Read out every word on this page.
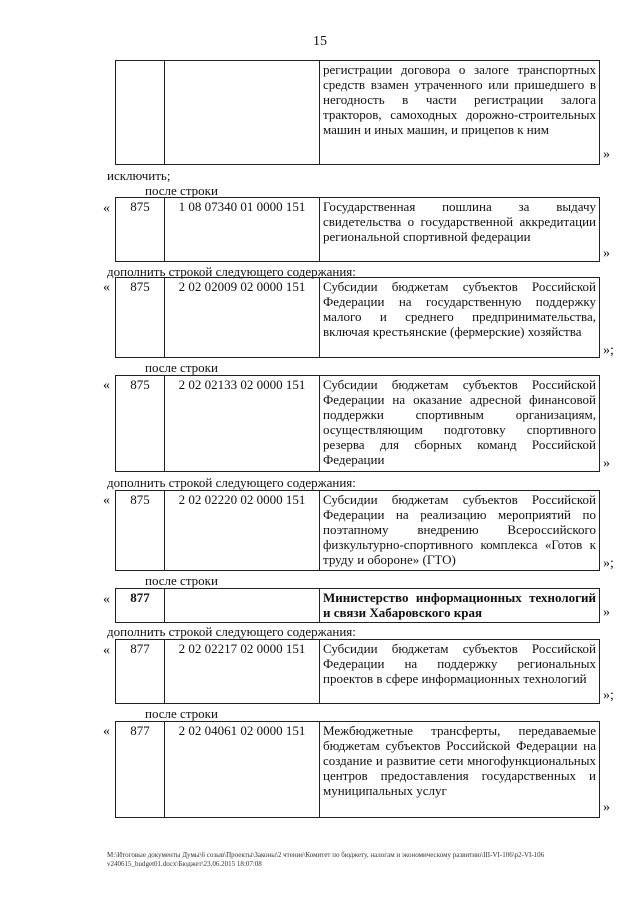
15
		регистрации договора о залоге транспортных средств взамен утраченного или пришедшего в негодность в части регистрации залога тракторов, самоходных дорожно-строительных машин и иных машин, и прицепов к ним
»
исключить;
после строки
« 875	1 08 07340 01 0000 151	Государственная пошлина за выдачу свидетельства о государственной аккредитации региональной спортивной федерации
»
дополнить строкой следующего содержания:
« 875	2 02 02009 02 0000 151	Субсидии бюджетам субъектов Российской Федерации на государственную поддержку малого и среднего предпринимательства, включая крестьянские (фермерские) хозяйства
»;
после строки
« 875	2 02 02133 02 0000 151	Субсидии бюджетам субъектов Российской Федерации на оказание адресной финансовой поддержки спортивным организациям, осуществляющим подготовку спортивного резерва для сборных команд Российской Федерации	»
дополнить строкой следующего содержания:
« 875	2 02 02220 02 0000 151	Субсидии бюджетам субъектов Российской Федерации на реализацию мероприятий по поэтапному внедрению Всероссийского физкультурно-спортивного комплекса «Готов к труду и обороне» (ГТО)	»;
после строки
« 877		Министерство информационных технологий и связи Хабаровского края	»
дополнить строкой следующего содержания:
« 877	2 02 02217 02 0000 151	Субсидии бюджетам субъектов Российской Федерации на поддержку региональных проектов в сфере информационных технологий
»;
после строки
« 877	2 02 04061 02 0000 151	Межбюджетные трансферты, передаваемые бюджетам субъектов Российской Федерации на создание и развитие сети многофункциональных центров предоставления государственных и муниципальных услуг
»
M:\Итоговые документы Думы\6 созыв\Проекты\Законы\2 чтение\Комитет по бюджету, налогам и экономическому развитию\III-VI-106\p2-VI-106 v240615_budget01.docx\Бюджет\23.06.2015 18:07:08
